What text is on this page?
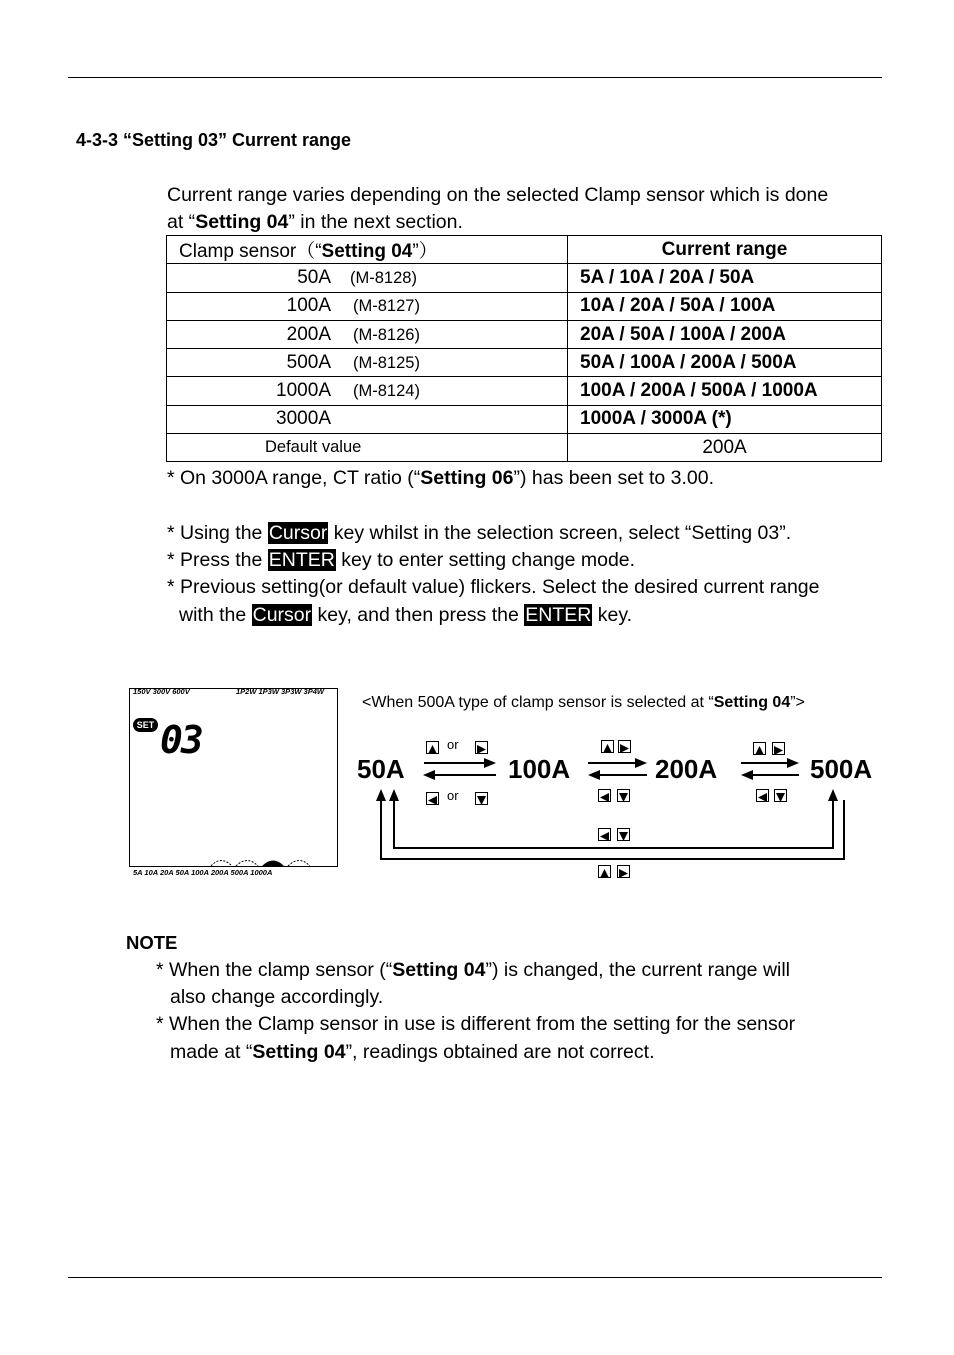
4-3-3 “Setting 03” Current range
Current range varies depending on the selected Clamp sensor which is done
at “Setting 04” in the next section.
Clamp sensor（“Setting 04”）	Current range
50A (M-8128)	5A / 10A / 20A / 50A
100A (M-8127)	10A / 20A / 50A / 100A
200A (M-8126)	20A / 50A / 100A / 200A
500A (M-8125)	50A / 100A / 200A / 500A
1000A (M-8124)	100A / 200A / 500A / 1000A
3000A	1000A / 3000A (*)
Default value	200A
* On 3000A range, CT ratio (“Setting 06”) has been set to 3.00.
* Using the Cursor key whilst in the selection screen, select “Setting 03”.
* Press the ENTER key to enter setting change mode.
* Previous setting(or default value) flickers. Select the desired current range
with the Cursor key, and then press the ENTER key.
150V 300V 600V	1P2W 1P3W 3P3W 3P4W
SET 03
5A 10A 20A 50A 100A 200A 500A 1000A
<When 500A type of clamp sensor is selected at “Setting 04”>
50A	100A	200A	500A
or
or
NOTE
* When the clamp sensor (“Setting 04”) is changed, the current range will
also change accordingly.
* When the Clamp sensor in use is different from the setting for the sensor
made at “Setting 04”, readings obtained are not correct.
